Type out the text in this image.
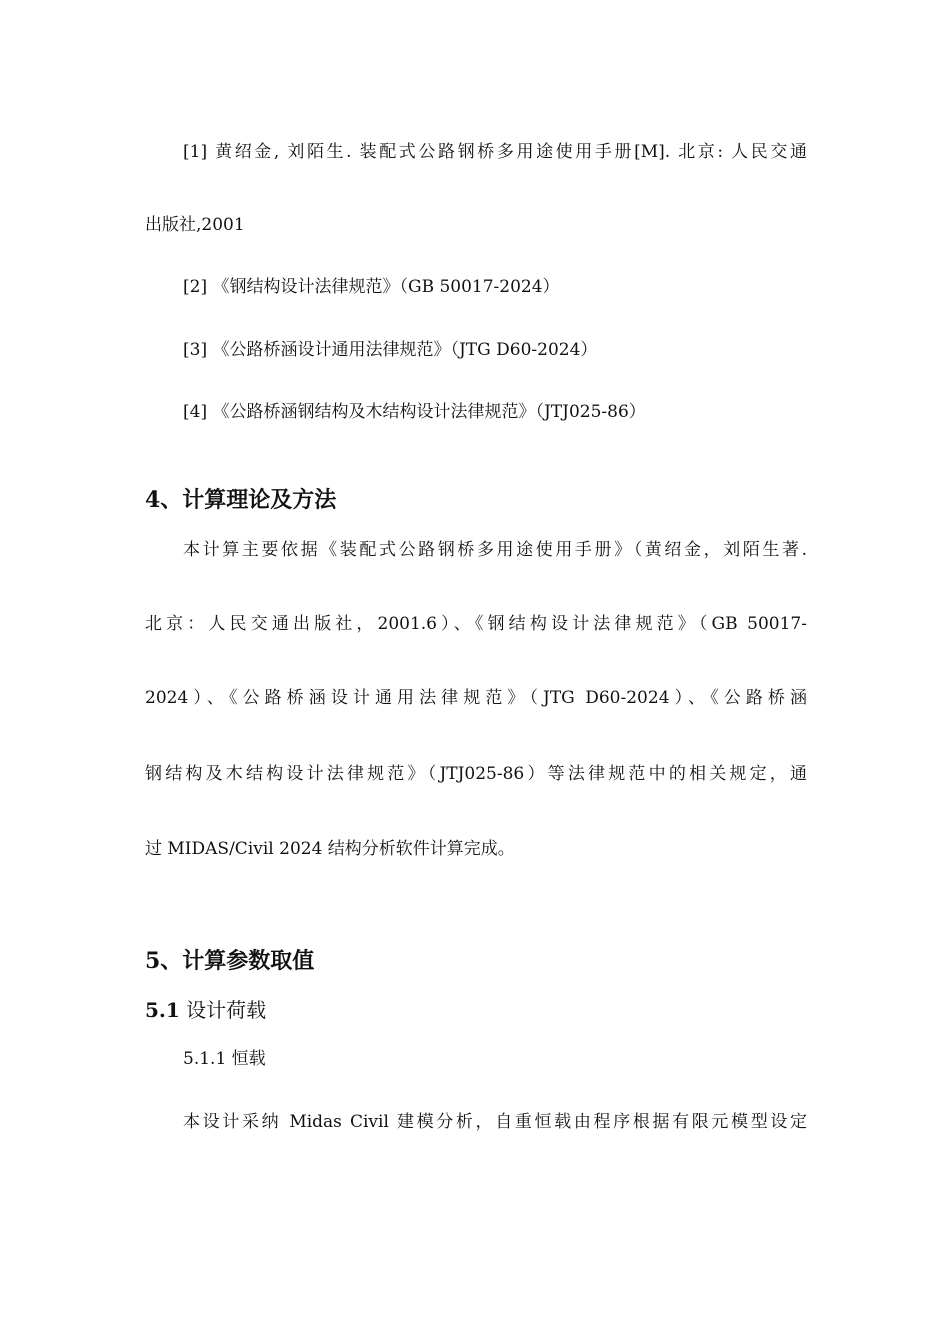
[1] 黄绍金, 刘陌生. 装配式公路钢桥多用途使用手册[M]. 北京: 人民交通
出版社,2001
[2] 《钢结构设计法律规范》（GB 50017-2024）
[3] 《公路桥涵设计通用法律规范》（JTG D60-2024）
[4] 《公路桥涵钢结构及木结构设计法律规范》（JTJ025-86）
4、计算理论及方法
本计算主要依据《装配式公路钢桥多用途使用手册》（黄绍金，刘陌生著.
北京：人民交通出版社，2001.6）、《钢结构设计法律规范》（GB 50017-
2024）、《公路桥涵设计通用法律规范》（JTG D60-2024）、《公路桥涵
钢结构及木结构设计法律规范》（JTJ025-86）等法律规范中的相关规定，通
过 MIDAS/Civil 2024 结构分析软件计算完成。
5、计算参数取值
5.1 设计荷载
5.1.1 恒载
本设计采纳 Midas Civil 建模分析，自重恒载由程序根据有限元模型设定
